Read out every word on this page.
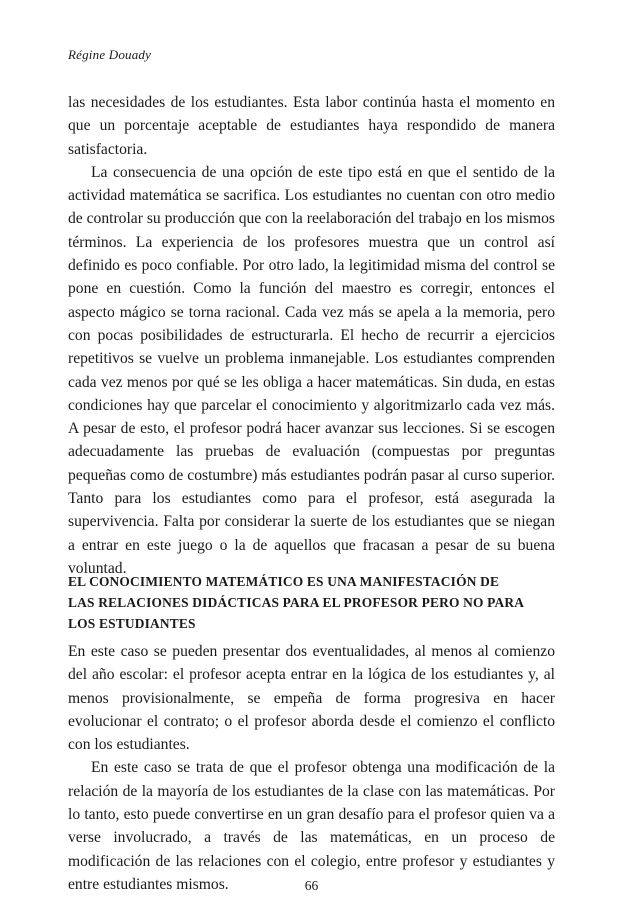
Régine Douady

las necesidades de los estudiantes. Esta labor continúa hasta el momento en que un porcentaje aceptable de estudiantes haya respondido de manera satisfactoria.

La consecuencia de una opción de este tipo está en que el sentido de la actividad matemática se sacrifica. Los estudiantes no cuentan con otro medio de controlar su producción que con la reelaboración del trabajo en los mismos términos. La experiencia de los profesores muestra que un control así definido es poco confiable. Por otro lado, la legitimidad misma del control se pone en cuestión. Como la función del maestro es corregir, entonces el aspecto mágico se torna racional. Cada vez más se apela a la memoria, pero con pocas posibilidades de estructurarla. El hecho de recurrir a ejercicios repetitivos se vuelve un problema inmanejable. Los estudiantes comprenden cada vez menos por qué se les obliga a hacer matemáticas. Sin duda, en estas condiciones hay que parcelar el conocimiento y algoritmizarlo cada vez más. A pesar de esto, el profesor podrá hacer avanzar sus lecciones. Si se escogen adecuadamente las pruebas de evaluación (compuestas por preguntas pequeñas como de costumbre) más estudiantes podrán pasar al curso superior. Tanto para los estudiantes como para el profesor, está asegurada la supervivencia. Falta por considerar la suerte de los estudiantes que se niegan a entrar en este juego o la de aquellos que fracasan a pesar de su buena voluntad.

EL CONOCIMIENTO MATEMÁTICO ES UNA MANIFESTACIÓN DE
LAS RELACIONES DIDÁCTICAS PARA EL PROFESOR PERO NO PARA
LOS ESTUDIANTES

En este caso se pueden presentar dos eventualidades, al menos al comienzo del año escolar: el profesor acepta entrar en la lógica de los estudiantes y, al menos provisionalmente, se empeña de forma progresiva en hacer evolucionar el contrato; o el profesor aborda desde el comienzo el conflicto con los estudiantes.

En este caso se trata de que el profesor obtenga una modificación de la relación de la mayoría de los estudiantes de la clase con las matemáticas. Por lo tanto, esto puede convertirse en un gran desafío para el profesor quien va a verse involucrado, a través de las matemáticas, en un proceso de modificación de las relaciones con el colegio, entre profesor y estudiantes y entre estudiantes mismos.	66
